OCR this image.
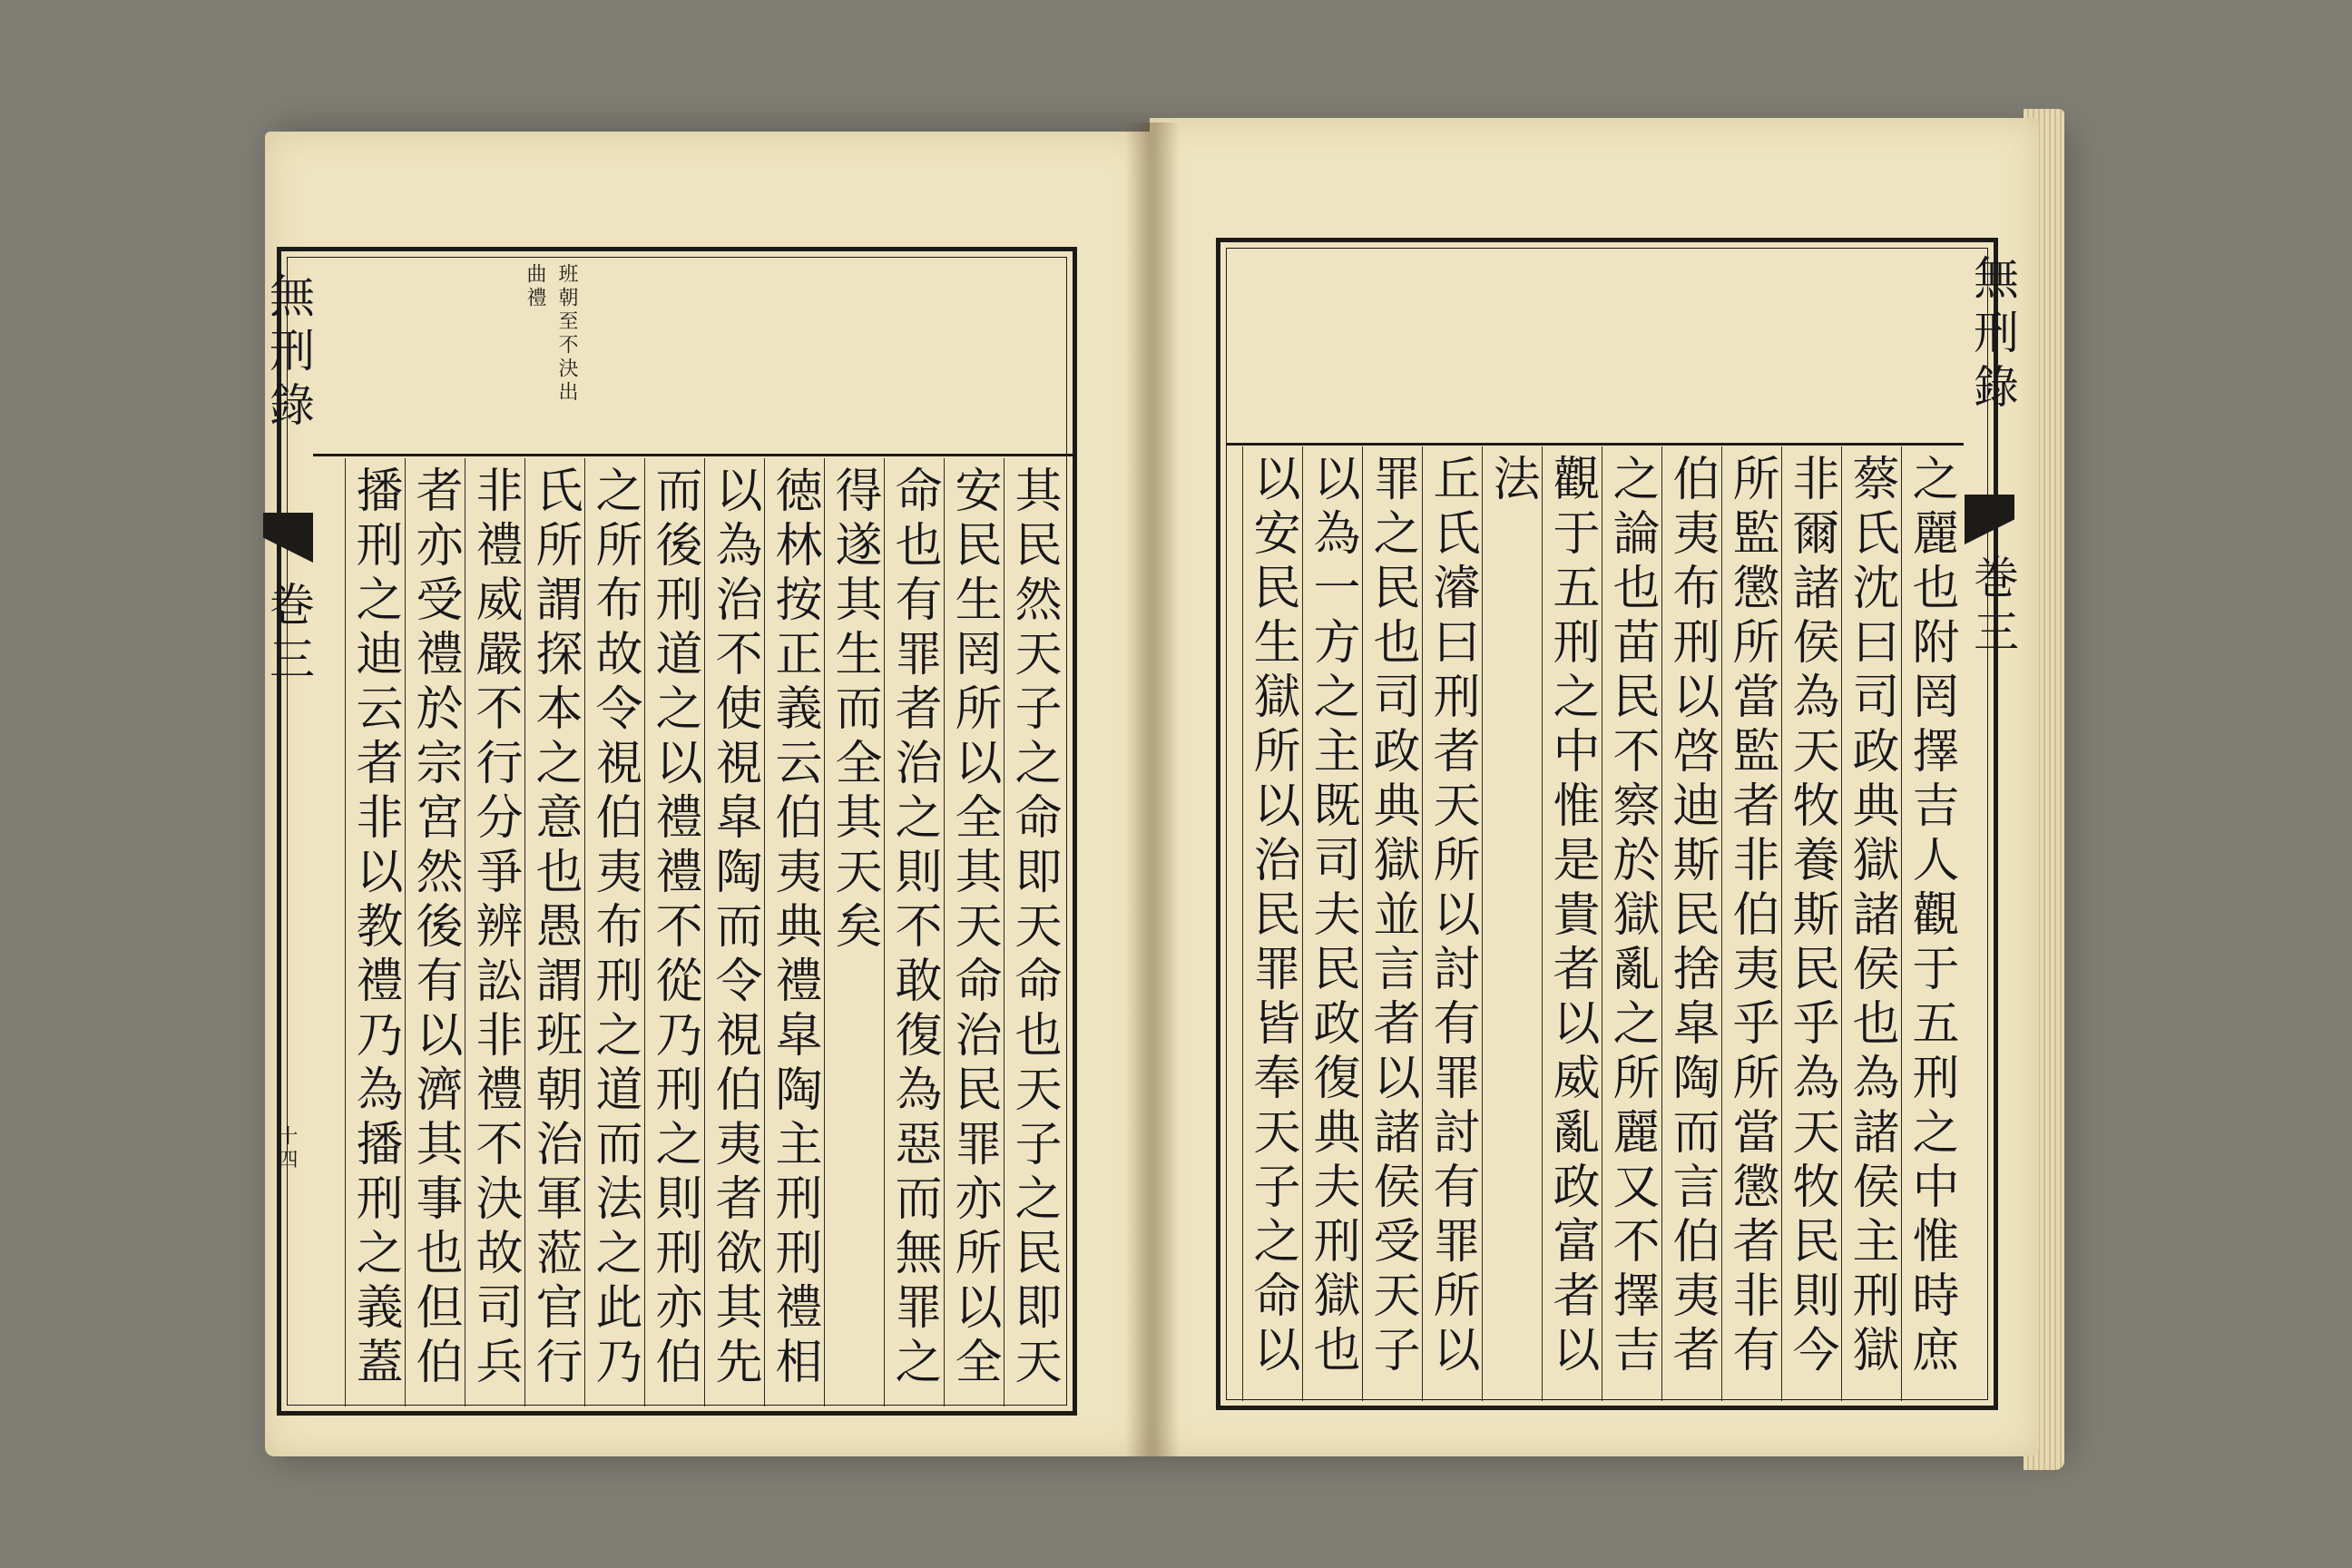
無刑錄
巻三
十四
班朝至不決出
曲禮
其民然天子之命即天命也天子之民即天
安民生罔所以全其天命治民罪亦所以全
命也有罪者治之則不敢復為惡而無罪之
得遂其生而全其天矣
徳林按正義云伯夷典禮皐陶主刑刑禮相
以為治不使視皐陶而令視伯夷者欲其先
而後刑道之以禮禮不從乃刑之則刑亦伯
之所布故令視伯夷布刑之道而法之此乃
氏所謂探本之意也愚謂班朝治軍蒞官行
非禮威嚴不行分爭辨訟非禮不決故司兵
者亦受禮於宗宮然後有以濟其事也但伯
播刑之迪云者非以教禮乃為播刑之義蓋
無刑錄
巻三
之麗也附罔擇吉人觀于五刑之中惟時庶
蔡氏沈曰司政典獄諸侯也為諸侯主刑獄
非爾諸侯為天牧養斯民乎為天牧民則今
所監懲所當監者非伯夷乎所當懲者非有
伯夷布刑以啓迪斯民捨皐陶而言伯夷者
之論也苗民不察於獄亂之所麗又不擇吉
觀于五刑之中惟是貴者以威亂政富者以
法
丘氏濬曰刑者天所以討有罪討有罪所以
罪之民也司政典獄並言者以諸侯受天子
以為一方之主既司夫民政復典夫刑獄也
以安民生獄所以治民罪皆奉天子之命以
